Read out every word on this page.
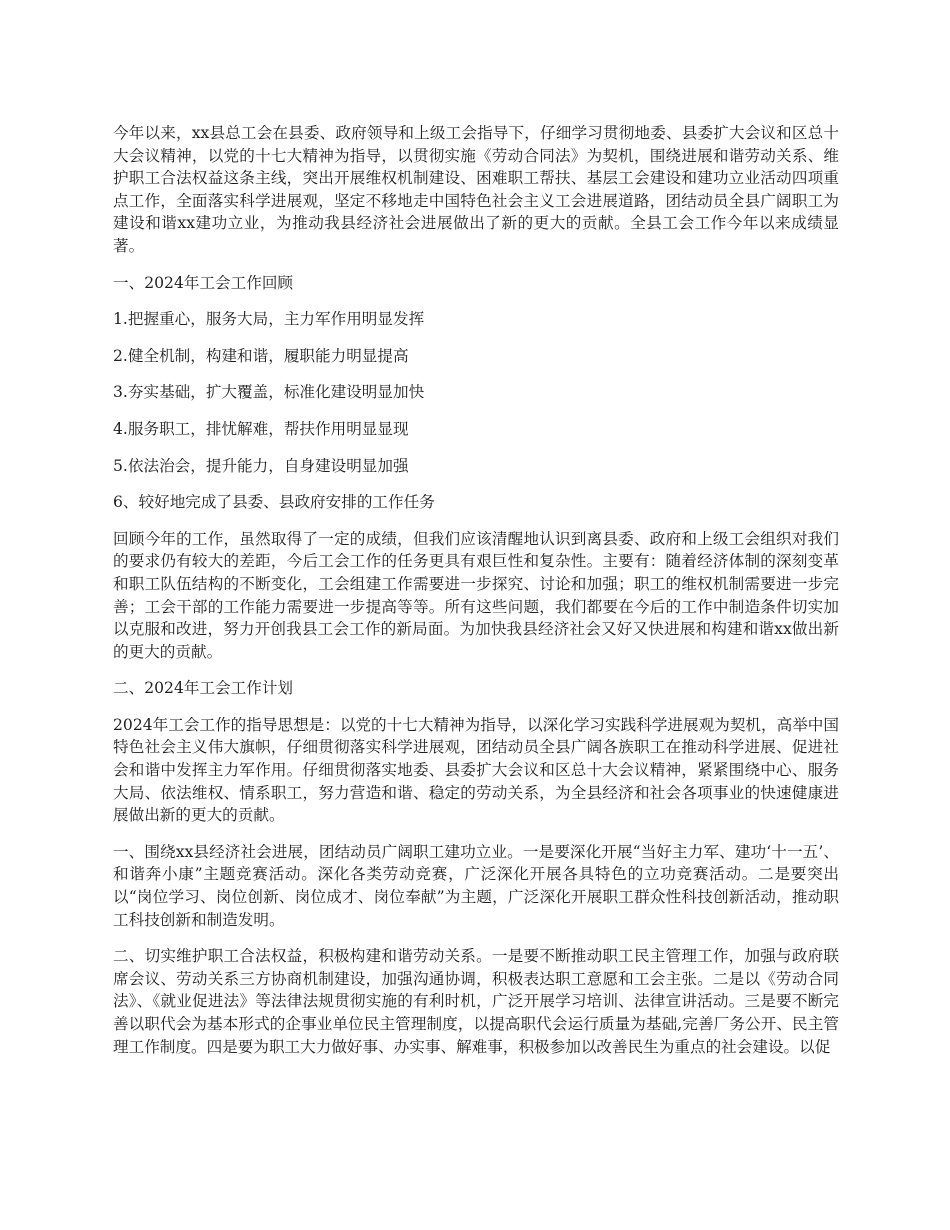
今年以来，xx县总工会在县委、政府领导和上级工会指导下，仔细学习贯彻地委、县委扩大会议和区总十大会议精神，以党的十七大精神为指导，以贯彻实施《劳动合同法》为契机，围绕进展和谐劳动关系、维护职工合法权益这条主线，突出开展维权机制建设、困难职工帮扶、基层工会建设和建功立业活动四项重点工作，全面落实科学进展观，坚定不移地走中国特色社会主义工会进展道路，团结动员全县广阔职工为建设和谐xx建功立业，为推动我县经济社会进展做出了新的更大的贡献。全县工会工作今年以来成绩显著。

一、2024年工会工作回顾

1.把握重心，服务大局，主力军作用明显发挥

2.健全机制，构建和谐，履职能力明显提高

3.夯实基础，扩大覆盖，标准化建设明显加快

4.服务职工，排忧解难，帮扶作用明显显现

5.依法治会，提升能力，自身建设明显加强

6、较好地完成了县委、县政府安排的工作任务

回顾今年的工作，虽然取得了一定的成绩，但我们应该清醒地认识到离县委、政府和上级工会组织对我们的要求仍有较大的差距，今后工会工作的任务更具有艰巨性和复杂性。主要有：随着经济体制的深刻变革和职工队伍结构的不断变化，工会组建工作需要进一步探究、讨论和加强；职工的维权机制需要进一步完善；工会干部的工作能力需要进一步提高等等。所有这些问题，我们都要在今后的工作中制造条件切实加以克服和改进，努力开创我县工会工作的新局面。为加快我县经济社会又好又快进展和构建和谐xx做出新的更大的贡献。

二、2024年工会工作计划

2024年工会工作的指导思想是：以党的十七大精神为指导，以深化学习实践科学进展观为契机，高举中国特色社会主义伟大旗帜，仔细贯彻落实科学进展观，团结动员全县广阔各族职工在推动科学进展、促进社会和谐中发挥主力军作用。仔细贯彻落实地委、县委扩大会议和区总十大会议精神，紧紧围绕中心、服务大局、依法维权、情系职工，努力营造和谐、稳定的劳动关系，为全县经济和社会各项事业的快速健康进展做出新的更大的贡献。

一、围绕xx县经济社会进展，团结动员广阔职工建功立业。一是要深化开展“当好主力军、建功‘十一五’、和谐奔小康”主题竞赛活动。深化各类劳动竞赛，广泛深化开展各具特色的立功竞赛活动。二是要突出以“岗位学习、岗位创新、岗位成才、岗位奉献”为主题，广泛深化开展职工群众性科技创新活动，推动职工科技创新和制造发明。

二、切实维护职工合法权益，积极构建和谐劳动关系。一是要不断推动职工民主管理工作，加强与政府联席会议、劳动关系三方协商机制建设，加强沟通协调，积极表达职工意愿和工会主张。二是以《劳动合同法》、《就业促进法》等法律法规贯彻实施的有利时机，广泛开展学习培训、法律宣讲活动。三是要不断完善以职代会为基本形式的企事业单位民主管理制度，以提高职代会运行质量为基础,完善厂务公开、民主管理工作制度。四是要为职工大力做好事、办实事、解难事，积极参加以改善民生为重点的社会建设。以促
